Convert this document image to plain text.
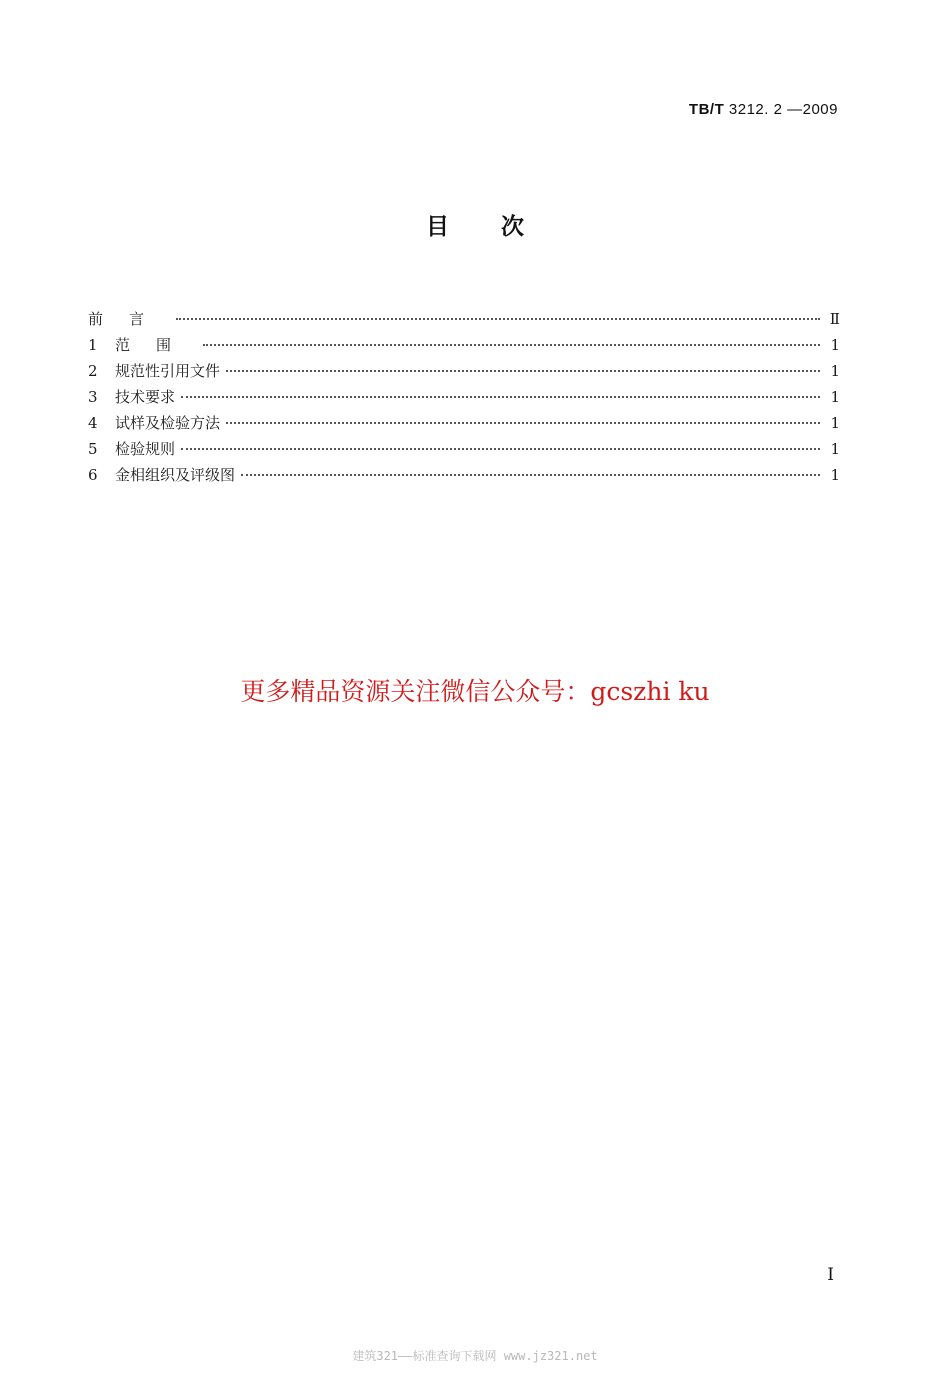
TB/T 3212. 2 —2009
目次
前言	Ⅱ
1	范围	1
2	规范性引用文件	1
3	技术要求	1
4	试样及检验方法	1
5	检验规则	1
6	金相组织及评级图	1
更多精品资源关注微信公众号：gcszhi ku
I
建筑321——标准查询下载网 www.jz321.net
